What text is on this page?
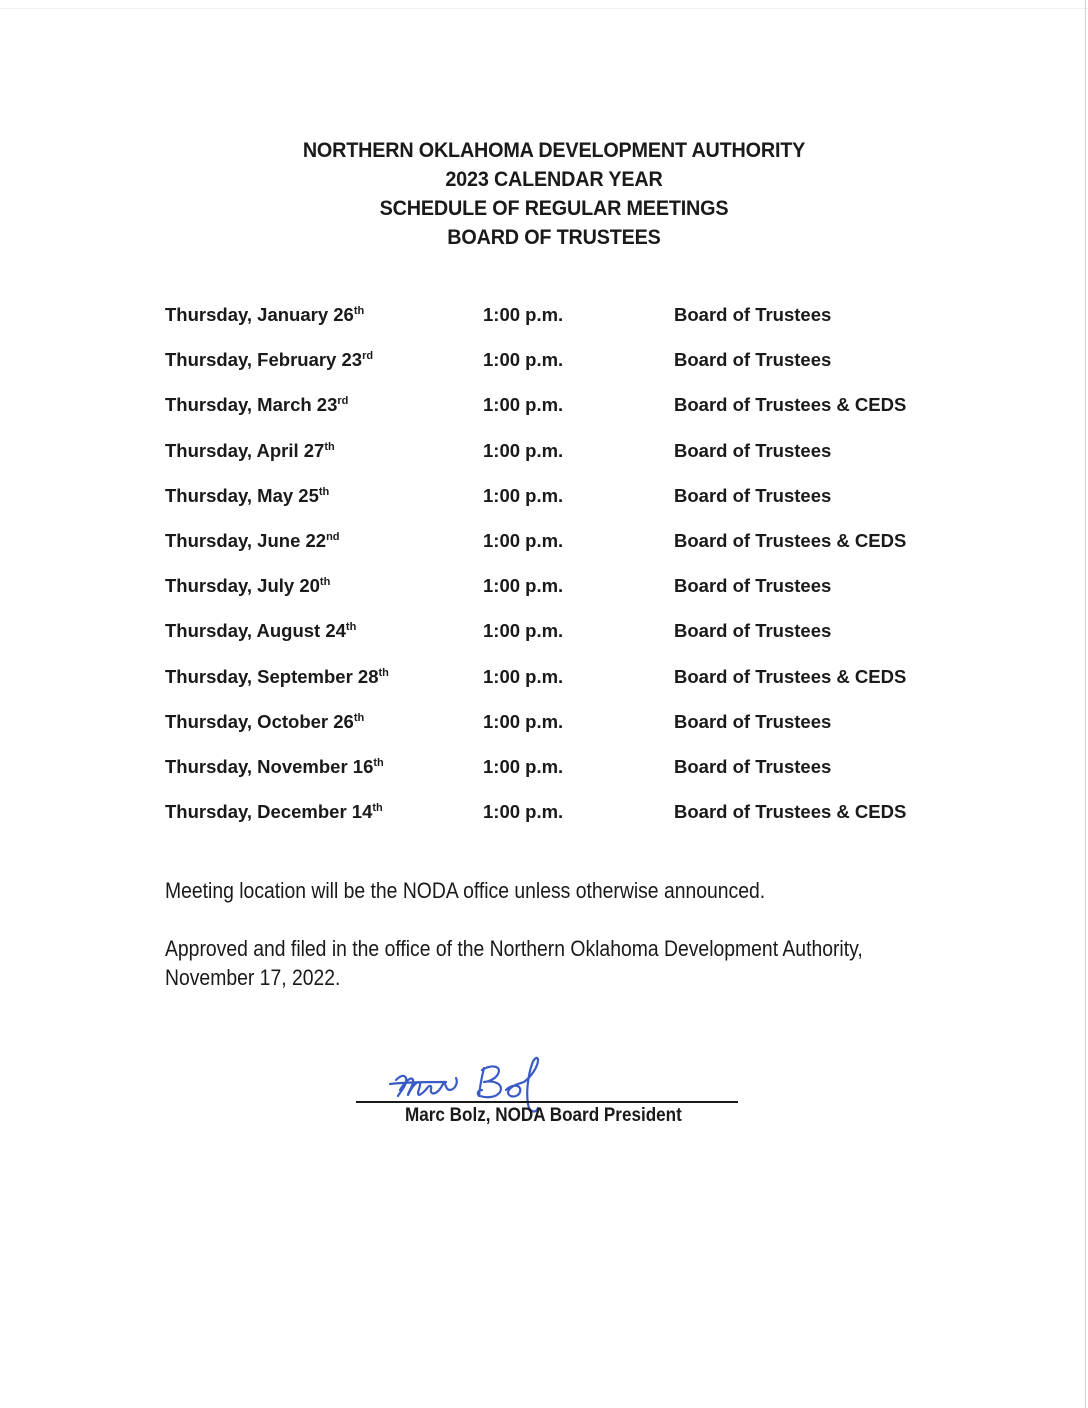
NORTHERN OKLAHOMA DEVELOPMENT AUTHORITY
2023 CALENDAR YEAR
SCHEDULE OF REGULAR MEETINGS
BOARD OF TRUSTEES
Thursday, January 26th	1:00 p.m.	Board of Trustees
Thursday, February 23rd	1:00 p.m.	Board of Trustees
Thursday, March 23rd	1:00 p.m.	Board of Trustees & CEDS
Thursday, April 27th	1:00 p.m.	Board of Trustees
Thursday, May 25th	1:00 p.m.	Board of Trustees
Thursday, June 22nd	1:00 p.m.	Board of Trustees & CEDS
Thursday, July 20th	1:00 p.m.	Board of Trustees
Thursday, August 24th	1:00 p.m.	Board of Trustees
Thursday, September 28th	1:00 p.m.	Board of Trustees & CEDS
Thursday, October 26th	1:00 p.m.	Board of Trustees
Thursday, November 16th	1:00 p.m.	Board of Trustees
Thursday, December 14th	1:00 p.m.	Board of Trustees & CEDS
Meeting location will be the NODA office unless otherwise announced.
Approved and filed in the office of the Northern Oklahoma Development Authority,
November 17, 2022.
Marc Bolz, NODA Board President
